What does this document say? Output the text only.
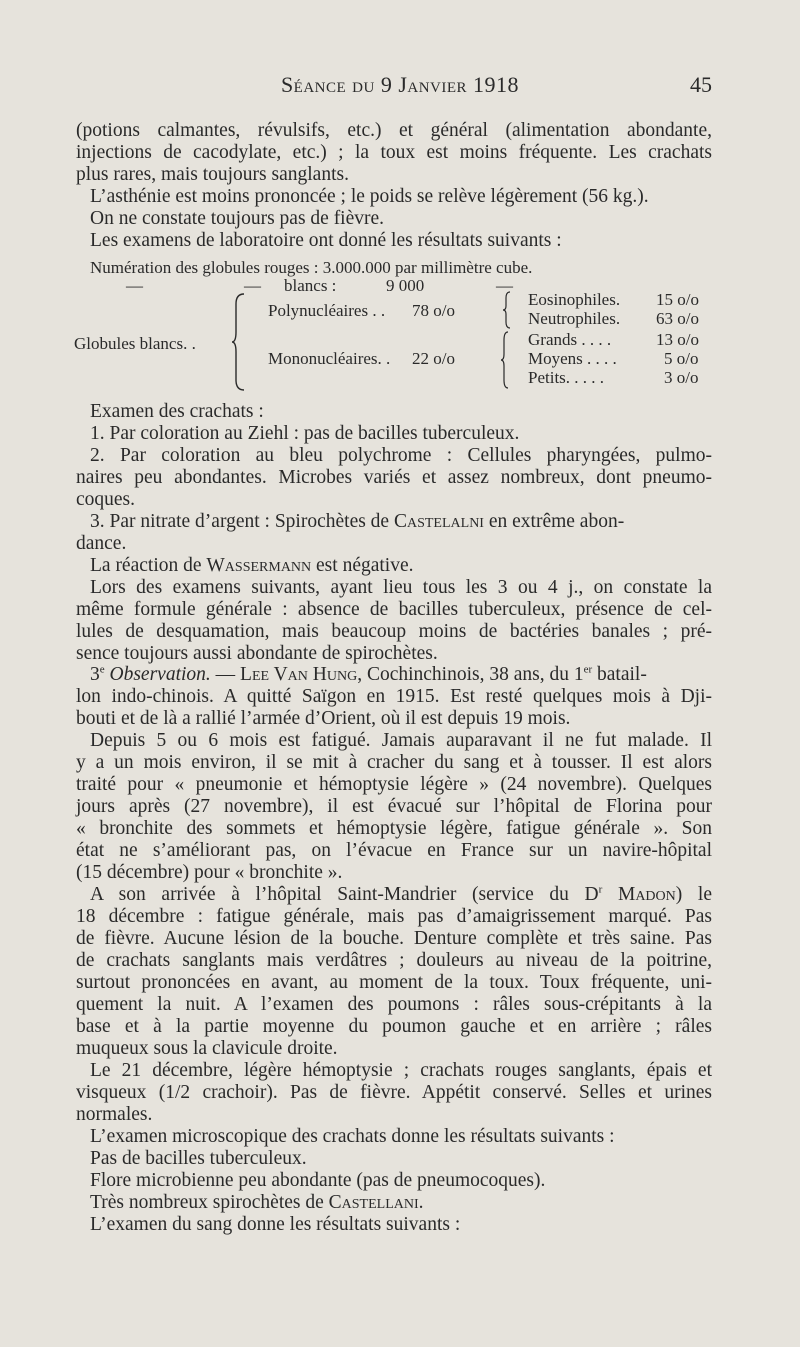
Séance du 9 Janvier 1918	45
(potions calmantes, révulsifs, etc.) et général (alimentation abondante,
injections de cacodylate, etc.) ; la toux est moins fréquente. Les crachats
plus rares, mais toujours sanglants.
L’asthénie est moins prononcée ; le poids se relève légèrement (56 kg.).
On ne constate toujours pas de fièvre.
Les examens de laboratoire ont donné les résultats suivants :
Numération des globules rouges : 3.000.000 par millimètre cube.
—	— blancs :	9 000	—
Globules blancs. .
Polynucléaires . . 78 o/o
Eosinophiles. 15 o/o
Neutrophiles. 63 o/o
Mononucléaires. . 22 o/o
Grands . . . .	13 o/o
Moyens . . . .	5 o/o
Petits. . . . .	3 o/o
Examen des crachats :
1. Par coloration au Ziehl : pas de bacilles tuberculeux.
2. Par coloration au bleu polychrome : Cellules pharyngées, pulmo-
naires peu abondantes. Microbes variés et assez nombreux, dont pneumo-
coques.
3. Par nitrate d’argent : Spirochètes de Castelalni en extrême abon-
dance.
La réaction de Wassermann est négative.
Lors des examens suivants, ayant lieu tous les 3 ou 4 j., on constate la
même formule générale : absence de bacilles tuberculeux, présence de cel-
lules de desquamation, mais beaucoup moins de bactéries banales ; pré-
sence toujours aussi abondante de spirochètes.
3e Observation. — Lee Van Hung, Cochinchinois, 38 ans, du 1er batail-
lon indo-chinois. A quitté Saïgon en 1915. Est resté quelques mois à Dji-
bouti et de là a rallié l’armée d’Orient, où il est depuis 19 mois.
Depuis 5 ou 6 mois est fatigué. Jamais auparavant il ne fut malade. Il
y a un mois environ, il se mit à cracher du sang et à tousser. Il est alors
traité pour « pneumonie et hémoptysie légère » (24 novembre). Quelques
jours après (27 novembre), il est évacué sur l’hôpital de Florina pour
« bronchite des sommets et hémoptysie légère, fatigue générale ». Son
état ne s’améliorant pas, on l’évacue en France sur un navire-hôpital
(15 décembre) pour « bronchite ».
A son arrivée à l’hôpital Saint-Mandrier (service du $D^r$ Madon) le
18 décembre : fatigue générale, mais pas d’amaigrissement marqué. Pas
de fièvre. Aucune lésion de la bouche. Denture complète et très saine. Pas
de crachats sanglants mais verdâtres ; douleurs au niveau de la poitrine,
surtout prononcées en avant, au moment de la toux. Toux fréquente, uni-
quement la nuit. A l’examen des poumons : râles sous-crépitants à la
base et à la partie moyenne du poumon gauche et en arrière ; râles
muqueux sous la clavicule droite.
Le 21 décembre, légère hémoptysie ; crachats rouges sanglants, épais et
visqueux (1/2 crachoir). Pas de fièvre. Appétit conservé. Selles et urines
normales.
L’examen microscopique des crachats donne les résultats suivants :
Pas de bacilles tuberculeux.
Flore microbienne peu abondante (pas de pneumocoques).
Très nombreux spirochètes de Castellani.
L’examen du sang donne les résultats suivants :
